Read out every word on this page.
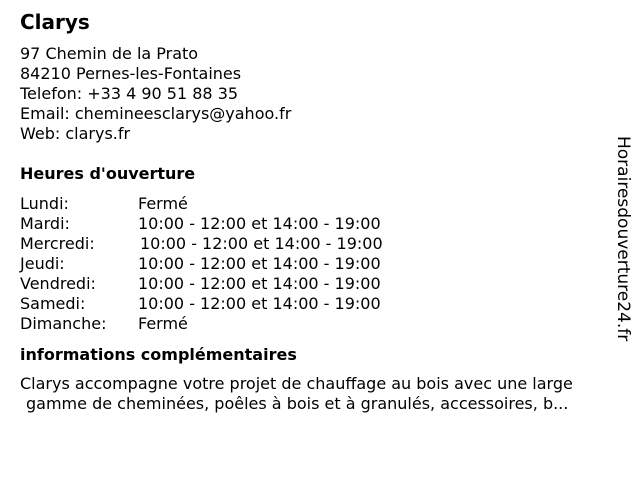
Clarys
97 Chemin de la Prato
84210 Pernes-les-Fontaines
Telefon: +33 4 90 51 88 35
Email: chemineesclarys@yahoo.fr
Web: clarys.fr
Heures d'ouverture
Lundi:	Fermé
Mardi:	10:00 - 12:00 et 14:00 - 19:00
Mercredi:	10:00 - 12:00 et 14:00 - 19:00
Jeudi:	10:00 - 12:00 et 14:00 - 19:00
Vendredi:	10:00 - 12:00 et 14:00 - 19:00
Samedi:	10:00 - 12:00 et 14:00 - 19:00
Dimanche:	Fermé
informations complémentaires
Clarys accompagne votre projet de chauffage au bois avec une large
gamme de cheminées, poêles à bois et à granulés, accessoires, b...
Horairesdouverture24.fr
